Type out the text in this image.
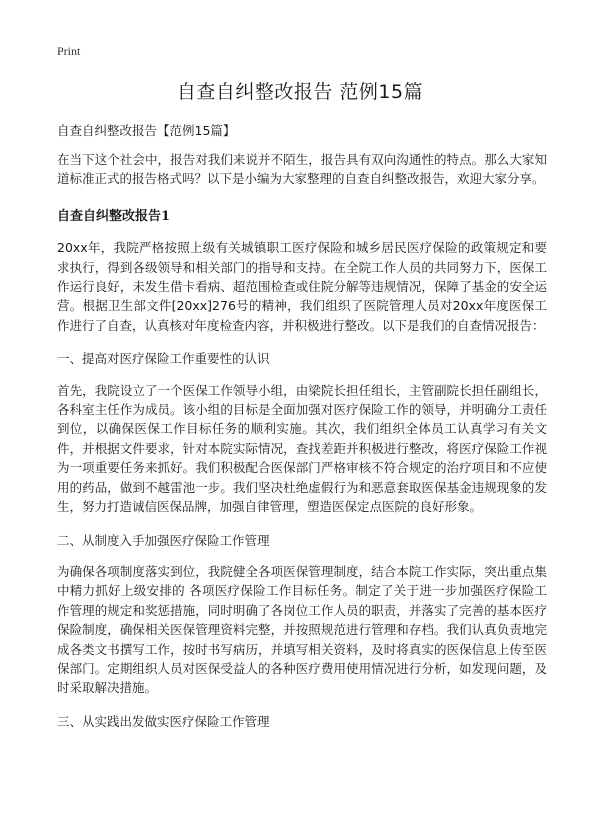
Print
自查自纠整改报告 范例15篇

自查自纠整改报告【范例15篇】

在当下这个社会中，报告对我们来说并不陌生，报告具有双向沟通性的特点。那么大家知道标准正式的报告格式吗？以下是小编为大家整理的自查自纠整改报告，欢迎大家分享。

自查自纠整改报告1

20xx年，我院严格按照上级有关城镇职工医疗保险和城乡居民医疗保险的政策规定和要求执行，得到各级领导和相关部门的指导和支持。在全院工作人员的共同努力下，医保工作运行良好，未发生借卡看病、超范围检查或住院分解等违规情况，保障了基金的安全运营。根据卫生部文件[20xx]276号的精神，我们组织了医院管理人员对20xx年度医保工作进行了自查，认真核对年度检查内容，并积极进行整改。以下是我们的自查情况报告：

一、提高对医疗保险工作重要性的认识

首先，我院设立了一个医保工作领导小组，由梁院长担任组长，主管副院长担任副组长，各科室主任作为成员。该小组的目标是全面加强对医疗保险工作的领导，并明确分工责任到位，以确保医保工作目标任务的顺利实施。其次，我们组织全体员工认真学习有关文件，并根据文件要求，针对本院实际情况，查找差距并积极进行整改，将医疗保险工作视为一项重要任务来抓好。我们积极配合医保部门严格审核不符合规定的治疗项目和不应使用的药品，做到不越雷池一步。我们坚决杜绝虚假行为和恶意套取医保基金违规现象的发生，努力打造诚信医保品牌，加强自律管理，塑造医保定点医院的良好形象。

二、从制度入手加强医疗保险工作管理

为确保各项制度落实到位，我院健全各项医保管理制度，结合本院工作实际，突出重点集中精力抓好上级安排的 各项医疗保险工作目标任务。制定了关于进一步加强医疗保险工作管理的规定和奖惩措施，同时明确了各岗位工作人员的职责，并落实了完善的基本医疗保险制度，确保相关医保管理资料完整，并按照规范进行管理和存档。我们认真负责地完成各类文书撰写工作，按时书写病历，并填写相关资料，及时将真实的医保信息上传至医保部门。定期组织人员对医保受益人的各种医疗费用使用情况进行分析，如发现问题，及时采取解决措施。

三、从实践出发做实医疗保险工作管理
